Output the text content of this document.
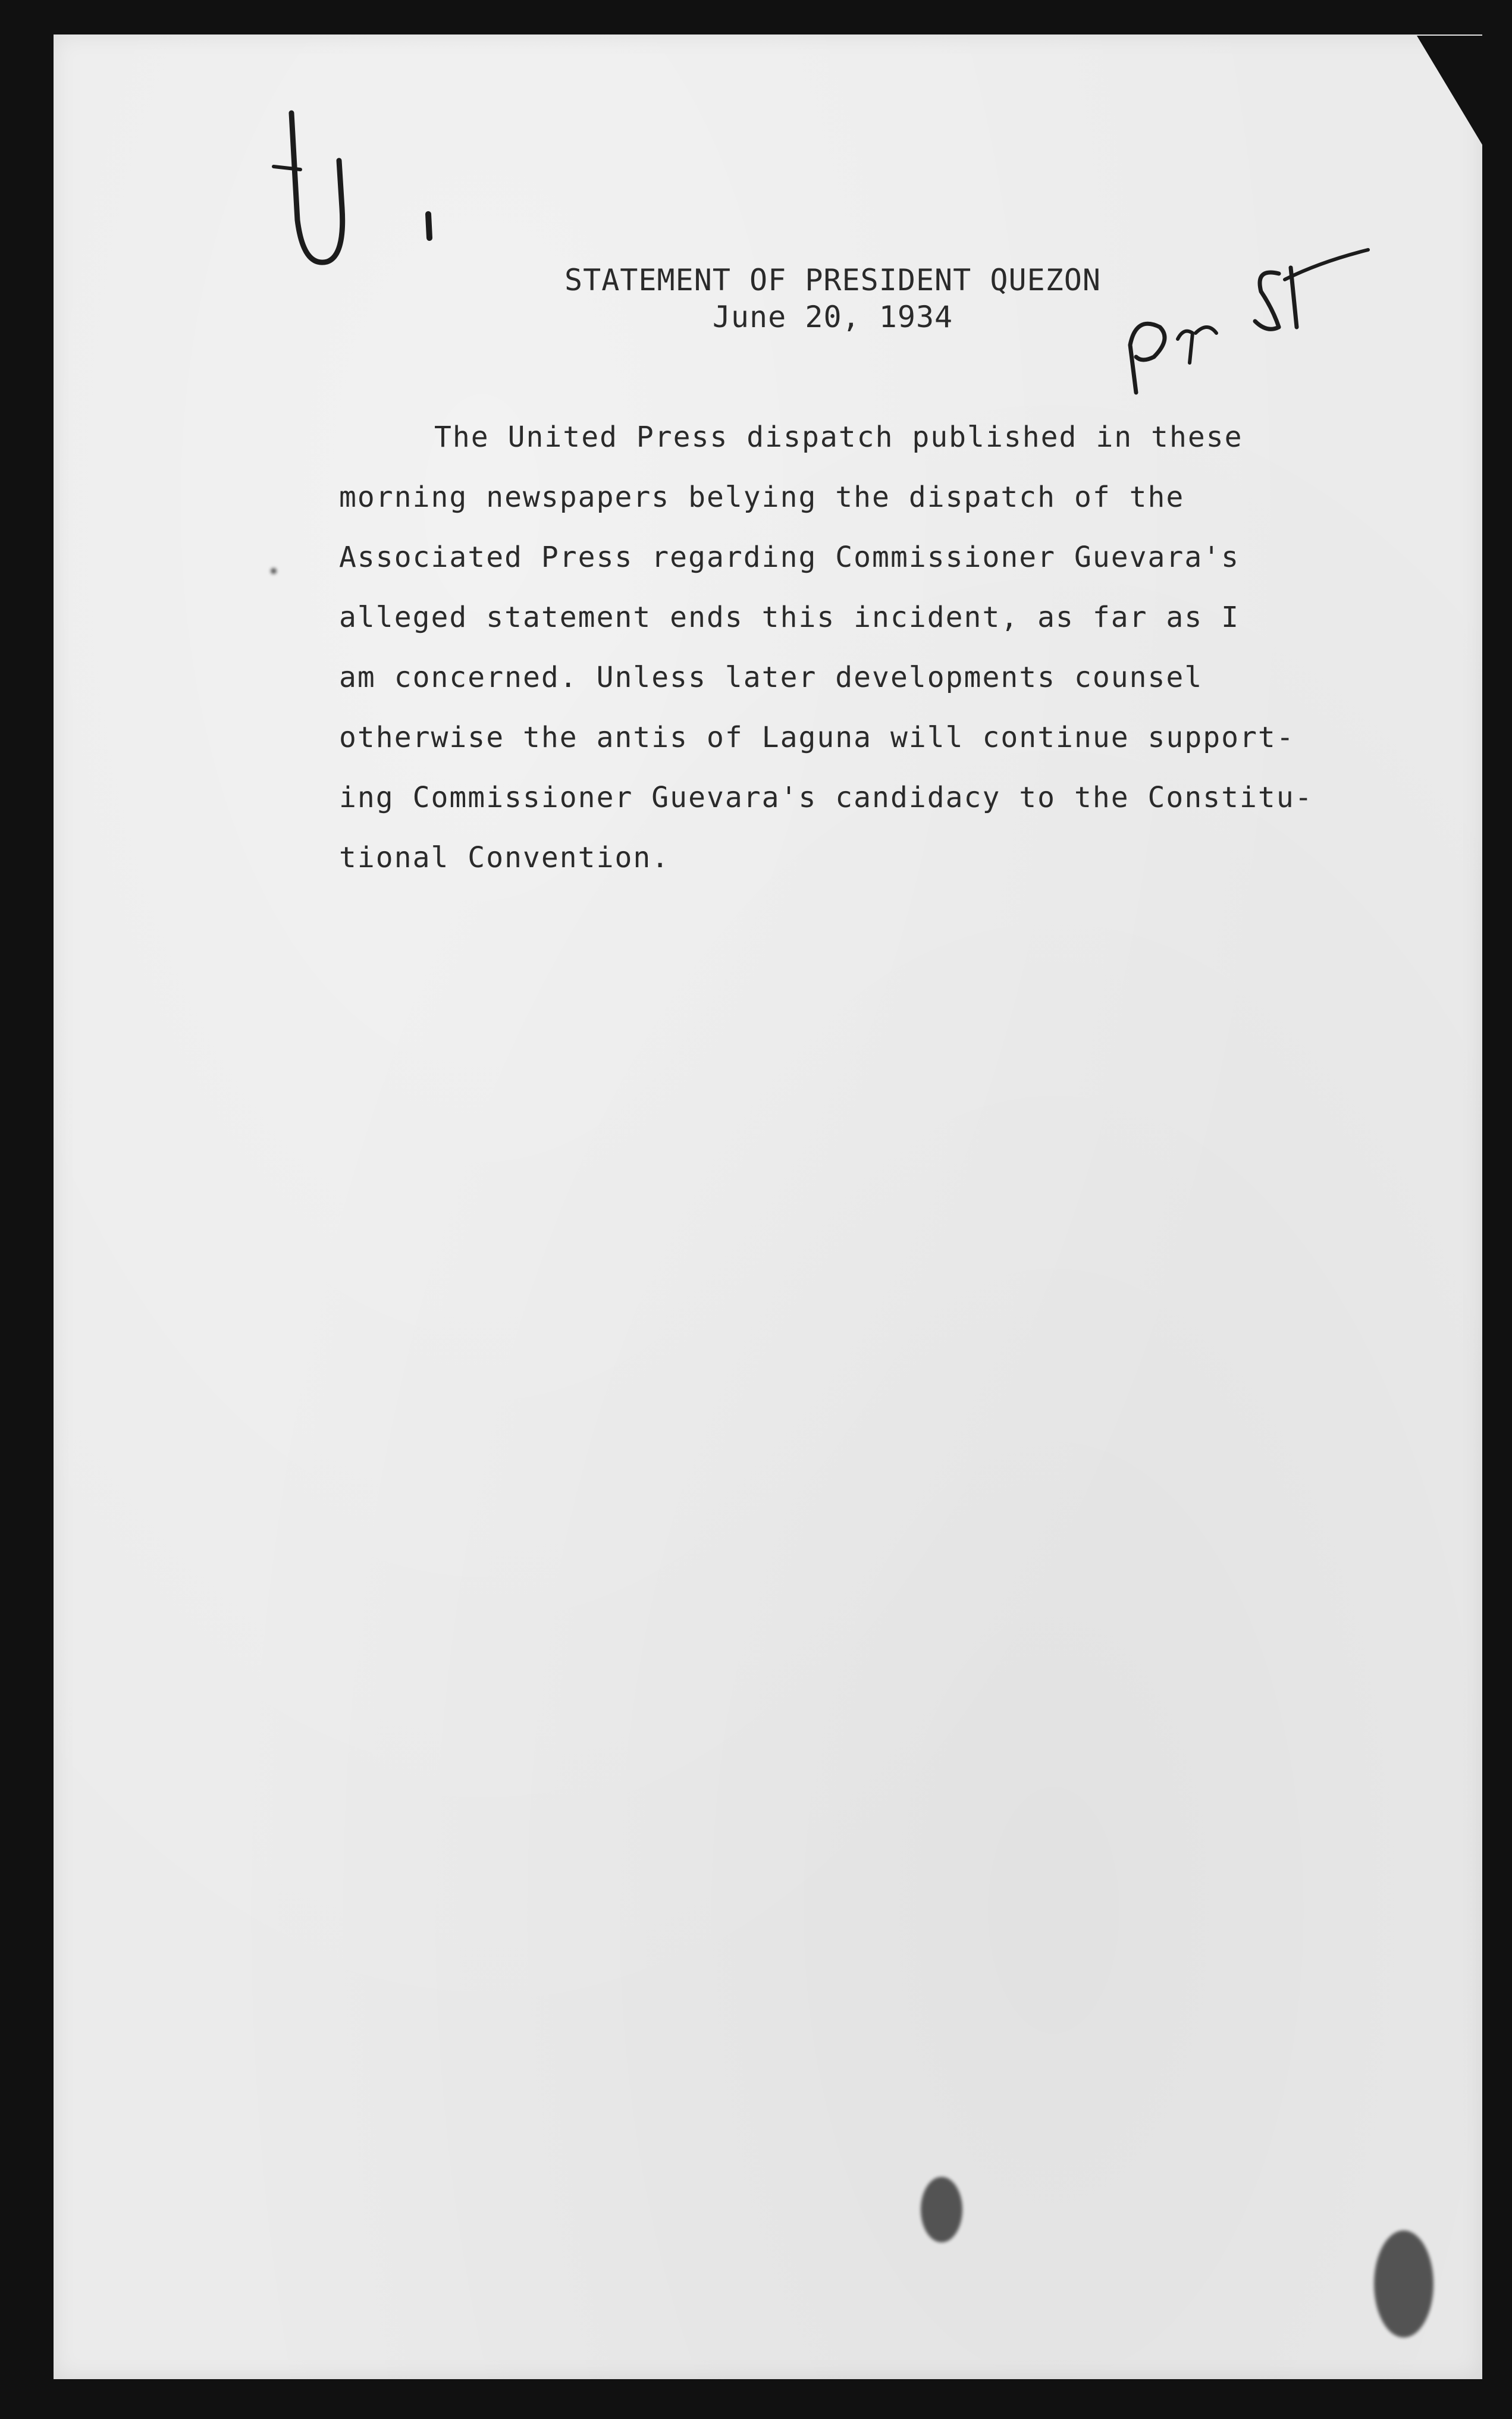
STATEMENT OF PRESIDENT QUEZON
June 20, 1934
The United Press dispatch published in these
morning newspapers belying the dispatch of the
Associated Press regarding Commissioner Guevara's
alleged statement ends this incident, as far as I
am concerned. Unless later developments counsel
otherwise the antis of Laguna will continue support-
ing Commissioner Guevara's candidacy to the Constitu-
tional Convention.
